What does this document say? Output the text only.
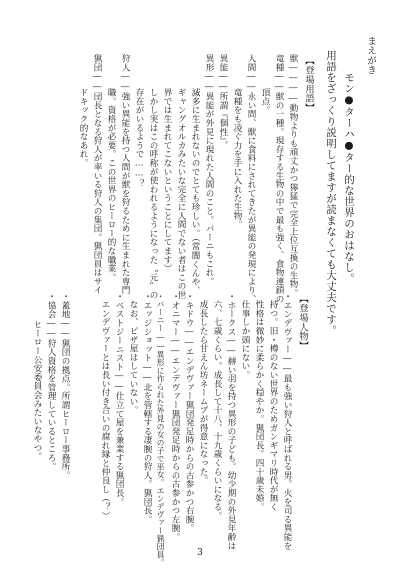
まえがき
モン●ターハ●ター的な世界のおはなし。
用語をざっくり説明してますが読まなくても大丈夫です。
【登場用語】
獣――――動物よりも頑丈かつ獰猛で完全上位互換の生物。
竜種――獣の一種。現存する生物の中で最も強く、食物連鎖の
頂点。
人間――永い間、獣に食料にされてきたが異能の発現により、
竜種をも凌ぐ力を手に入れた生物。
異能――所謂『個性』。
異形――異能が外見に現れた人間のこと。バーニもこれ。
滅多に生まれないのでとても珍しい。（常闇くんや、
ギャングオルカみたいな完全に人間でない者はこの世
界では生まれてこないということにしてます）
しかし実はこの呼称が使われるようになった〝元〟の
存在がいるようで……？
狩人――強い異能を持つ人間が獣を狩るために生まれた専門
職。資格が必要。この世界のヒーロー的な職業。
猟団――団長となる狩人が率いる狩人の集団。猟団員はサイ
ドキック的なあれ。
【登場人物】
・エンデヴァー――最も強い狩人と呼ばれる男。火を司る異能を
持つ。旧・樽のない世界のためガンギマリ時代が無く
性格は微妙に柔らかく穏やか。猟団長。四十歳未婚。
仕事しか頭にない。
・ホークス――赫い羽を持つ異形の子ども。幼少期の外見年齢は
六、七歳くらい。成長して十八、十九歳くらいになる。
成長したら甘えん坊ネームプが得意になった。
・キドウ――エンデヴァー猟団発足時からの古参かつ右腕。
・オニマー――エンデヴァー猟団発足時からの古参かつ左腕。
・バーニー――異形に作られた外見の女の子で巫女。エンデヴァー猟団員。
・エッジショット――北を管轄する凄腕の狩人。猟団長。
なお、ピザ屋はしていない。
・ベストジーニスト――仕立て屋を兼業する猟団長。
エンデヴァーとは長い付き合いの腐れ縁と仲良し（？）
・蓋地――猟団の拠点。所謂ヒーロー事務所。
・協会――狩人資格を管理しているところ。
ヒーロー公安委員会みたいなやつ。
3
